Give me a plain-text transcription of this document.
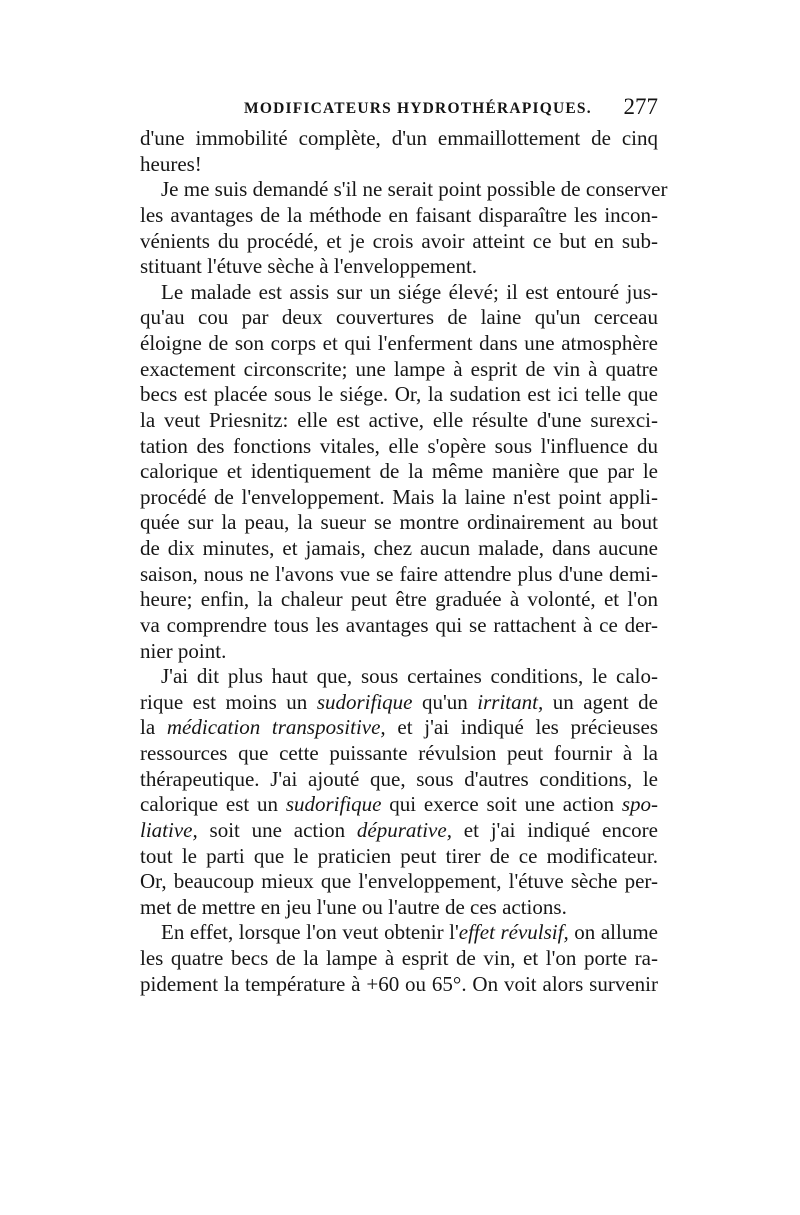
MODIFICATEURS HYDROTHÉRAPIQUES. 277
d'une immobilité complète, d'un emmaillottement de cinq
heures!
Je me suis demandé s'il ne serait point possible de conserver
les avantages de la méthode en faisant disparaître les incon-
vénients du procédé, et je crois avoir atteint ce but en sub-
stituant l'étuve sèche à l'enveloppement.
Le malade est assis sur un siége élevé; il est entouré jus-
qu'au cou par deux couvertures de laine qu'un cerceau
éloigne de son corps et qui l'enferment dans une atmosphère
exactement circonscrite; une lampe à esprit de vin à quatre
becs est placée sous le siége. Or, la sudation est ici telle que
la veut Priesnitz: elle est active, elle résulte d'une surexci-
tation des fonctions vitales, elle s'opère sous l'influence du
calorique et identiquement de la même manière que par le
procédé de l'enveloppement. Mais la laine n'est point appli-
quée sur la peau, la sueur se montre ordinairement au bout
de dix minutes, et jamais, chez aucun malade, dans aucune
saison, nous ne l'avons vue se faire attendre plus d'une demi-
heure; enfin, la chaleur peut être graduée à volonté, et l'on
va comprendre tous les avantages qui se rattachent à ce der-
nier point.
J'ai dit plus haut que, sous certaines conditions, le calo-
rique est moins un sudorifique qu'un irritant, un agent de
la médication transpositive, et j'ai indiqué les précieuses
ressources que cette puissante révulsion peut fournir à la
thérapeutique. J'ai ajouté que, sous d'autres conditions, le
calorique est un sudorifique qui exerce soit une action spo-
liative, soit une action dépurative, et j'ai indiqué encore
tout le parti que le praticien peut tirer de ce modificateur.
Or, beaucoup mieux que l'enveloppement, l'étuve sèche per-
met de mettre en jeu l'une ou l'autre de ces actions.
En effet, lorsque l'on veut obtenir l'effet révulsif, on allume
les quatre becs de la lampe à esprit de vin, et l'on porte ra-
pidement la température à +60 ou 65°. On voit alors survenir
